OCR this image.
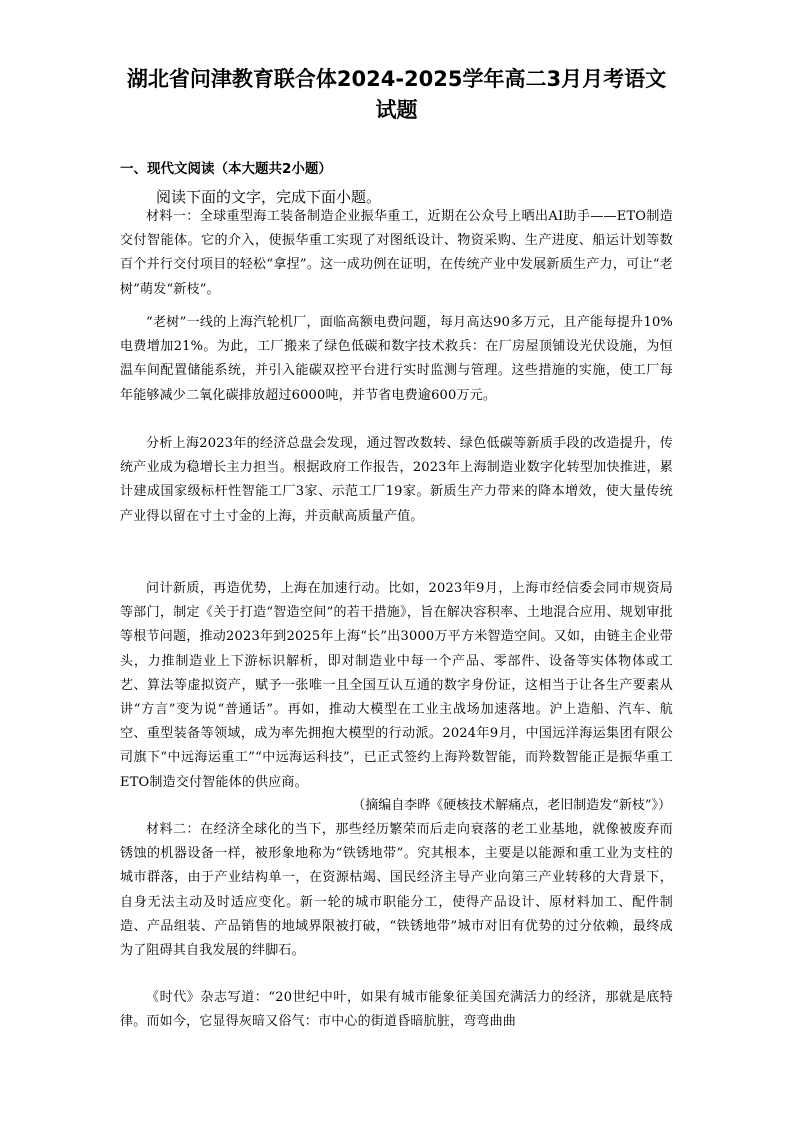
湖北省问津教育联合体2024-2025学年高二3月月考语文
试题
一、现代文阅读（本大题共2小题）
阅读下面的文字，完成下面小题。

材料一：全球重型海工装备制造企业振华重工，近期在公众号上晒出AI助手——ETO制造交付智能体。它的介入，使振华重工实现了对图纸设计、物资采购、生产进度、船运计划等数百个并行交付项目的轻松“拿捏”。这一成功例在证明，在传统产业中发展新质生产力，可让“老树”萌发“新枝”。

“老树”一线的上海汽轮机厂，面临高额电费问题，每月高达90多万元，且产能每提升10%电费增加21%。为此，工厂搬来了绿色低碳和数字技术救兵：在厂房屋顶铺设光伏设施，为恒温车间配置储能系统，并引入能碳双控平台进行实时监测与管理。这些措施的实施，使工厂每年能够减少二氧化碳排放超过6000吨，并节省电费逾600万元。

分析上海2023年的经济总盘会发现，通过智改数转、绿色低碳等新质手段的改造提升，传统产业成为稳增长主力担当。根据政府工作报告，2023年上海制造业数字化转型加快推进，累计建成国家级标杆性智能工厂3家、示范工厂19家。新质生产力带来的降本增效，使大量传统产业得以留在寸土寸金的上海，并贡献高质量产值。

问计新质，再造优势，上海在加速行动。比如，2023年9月，上海市经信委会同市规资局等部门，制定《关于打造“智造空间”的若干措施》，旨在解决容积率、土地混合应用、规划审批等根节问题，推动2023年到2025年上海“长”出3000万平方米智造空间。又如，由链主企业带头，力推制造业上下游标识解析，即对制造业中每一个产品、零部件、设备等实体物体或工艺、算法等虚拟资产，赋予一张唯一且全国互认互通的数字身份证，这相当于让各生产要素从讲“方言”变为说“普通话”。再如，推动大模型在工业主战场加速落地。沪上造船、汽车、航空、重型装备等领域，成为率先拥抱大模型的行动派。2024年9月，中国远洋海运集团有限公司旗下“中远海运重工”“中远海运科技”，已正式签约上海羚数智能，而羚数智能正是振华重工ETO制造交付智能体的供应商。

（摘编自李晔《硬核技术解痛点，老旧制造发“新枝”》）

材料二：在经济全球化的当下，那些经历繁荣而后走向衰落的老工业基地，就像被废弃而锈蚀的机器设备一样，被形象地称为“铁锈地带”。究其根本，主要是以能源和重工业为支柱的城市群落，由于产业结构单一，在资源枯竭、国民经济主导产业向第三产业转移的大背景下，自身无法主动及时适应变化。新一轮的城市职能分工，使得产品设计、原材料加工、配件制造、产品组装、产品销售的地域界限被打破，“铁锈地带”城市对旧有优势的过分依赖，最终成为了阻碍其自我发展的绊脚石。

《时代》杂志写道：“20世纪中叶，如果有城市能象征美国充满活力的经济，那就是底特律。而如今，它显得灰暗又俗气：市中心的街道昏暗肮脏，弯弯曲曲
